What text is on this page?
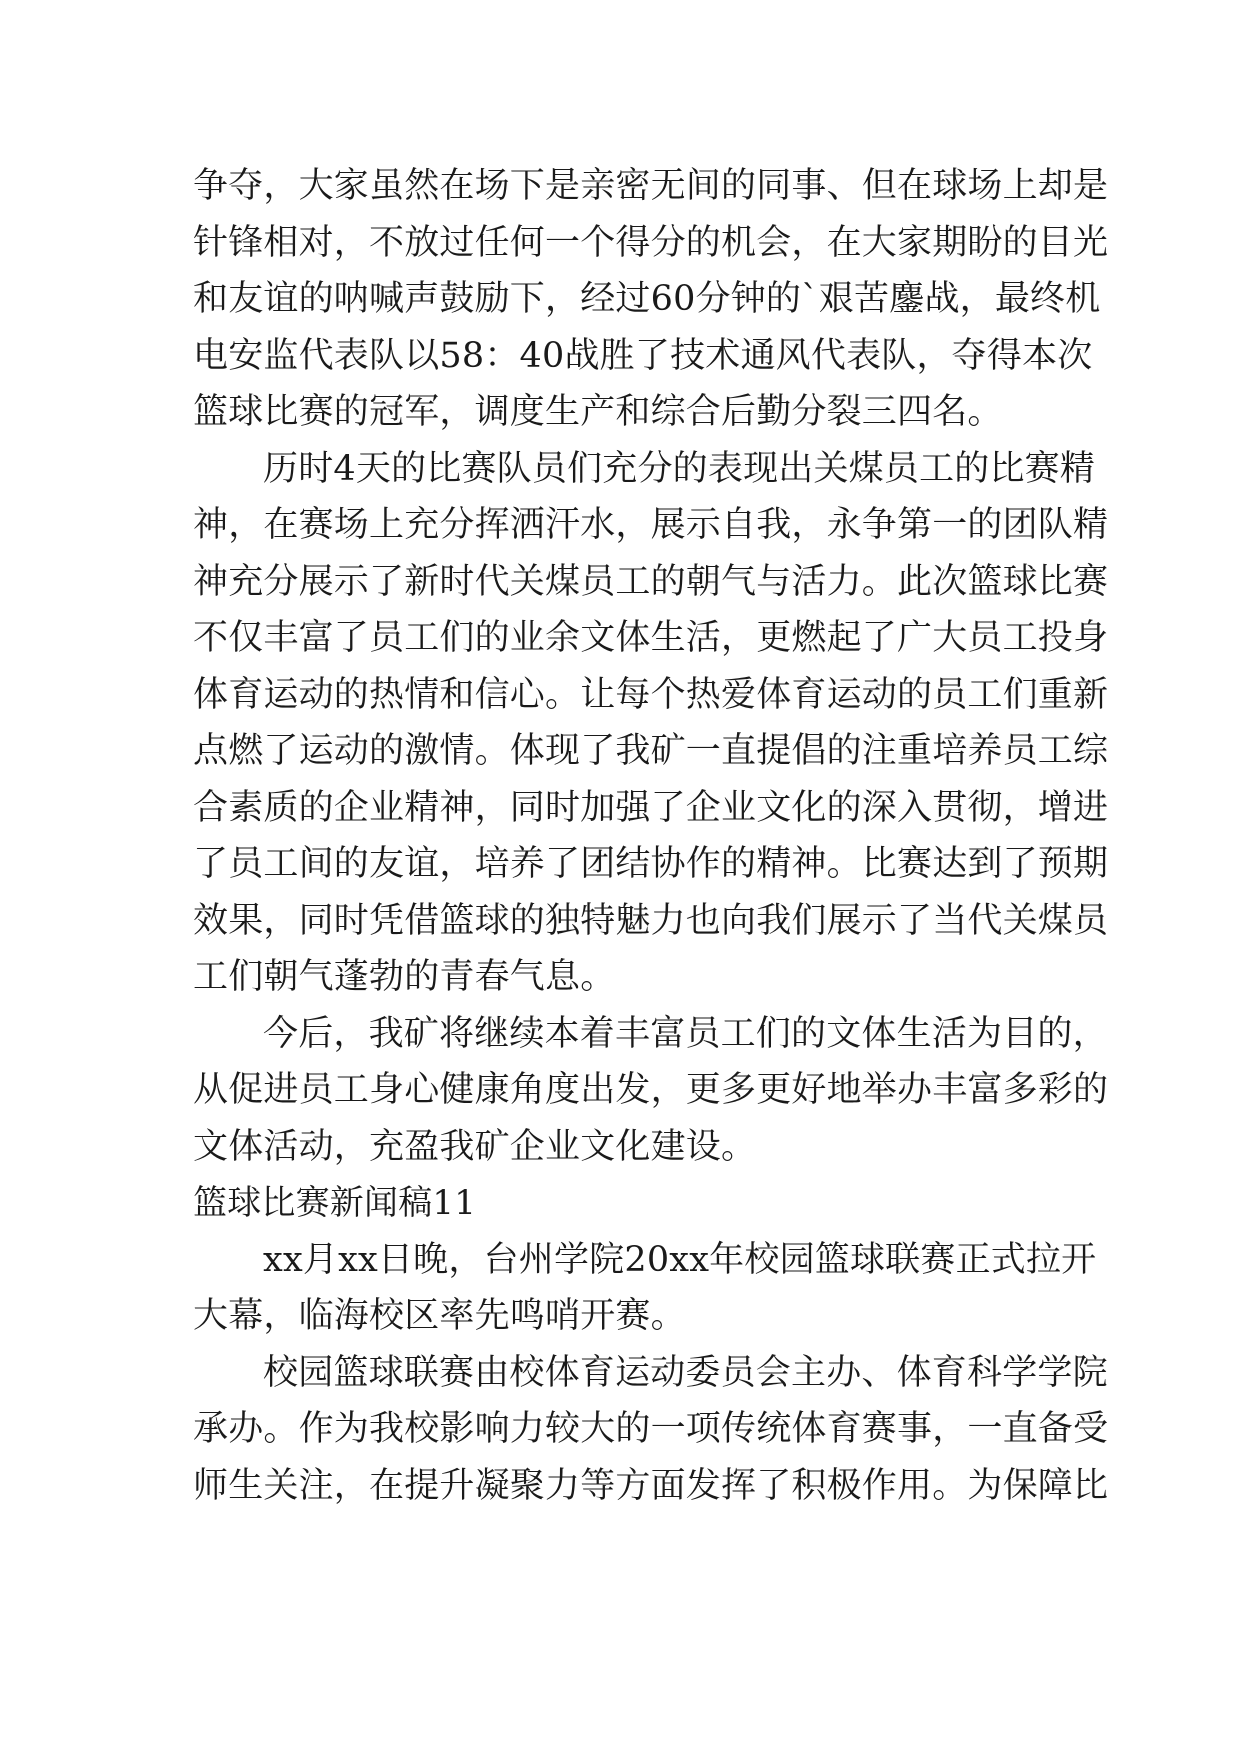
争夺，大家虽然在场下是亲密无间的同事、但在球场上却是
针锋相对，不放过任何一个得分的机会，在大家期盼的目光
和友谊的呐喊声鼓励下，经过60分钟的`艰苦鏖战，最终机
电安监代表队以58：40战胜了技术通风代表队，夺得本次
篮球比赛的冠军，调度生产和综合后勤分裂三四名。
历时4天的比赛队员们充分的表现出关煤员工的比赛精
神，在赛场上充分挥洒汗水，展示自我，永争第一的团队精
神充分展示了新时代关煤员工的朝气与活力。此次篮球比赛
不仅丰富了员工们的业余文体生活，更燃起了广大员工投身
体育运动的热情和信心。让每个热爱体育运动的员工们重新
点燃了运动的激情。体现了我矿一直提倡的注重培养员工综
合素质的企业精神，同时加强了企业文化的深入贯彻，增进
了员工间的友谊，培养了团结协作的精神。比赛达到了预期
效果，同时凭借篮球的独特魅力也向我们展示了当代关煤员
工们朝气蓬勃的青春气息。
今后，我矿将继续本着丰富员工们的文体生活为目的，
从促进员工身心健康角度出发，更多更好地举办丰富多彩的
文体活动，充盈我矿企业文化建设。
篮球比赛新闻稿11
xx月xx日晚，台州学院20xx年校园篮球联赛正式拉开
大幕，临海校区率先鸣哨开赛。
校园篮球联赛由校体育运动委员会主办、体育科学学院
承办。作为我校影响力较大的一项传统体育赛事，一直备受
师生关注，在提升凝聚力等方面发挥了积极作用。为保障比
